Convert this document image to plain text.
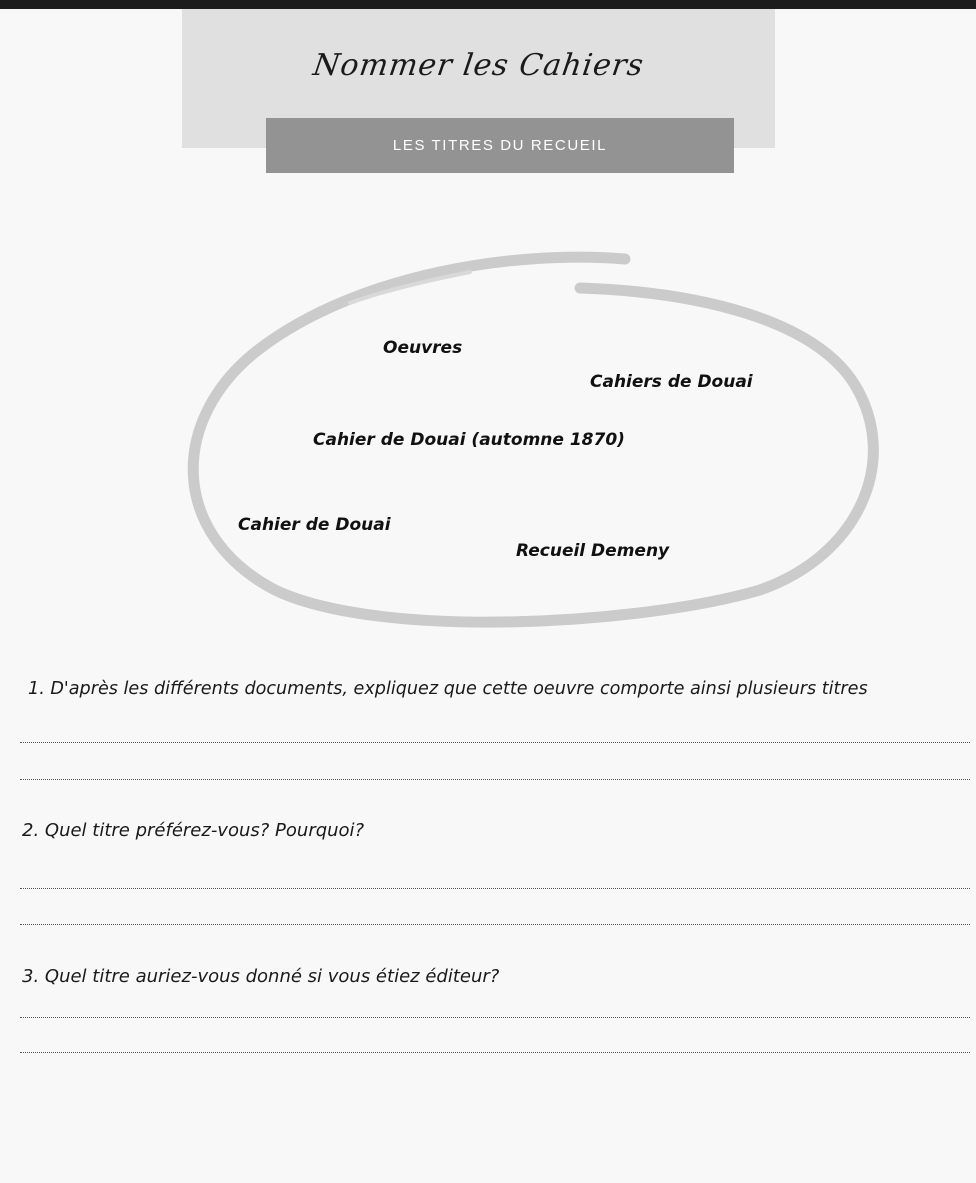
Nommer les Cahiers
LES TITRES DU RECUEIL
Oeuvres
Cahiers de Douai
Cahier de Douai (automne 1870)
Cahier de Douai
Recueil Demeny
1. D'après les différents documents, expliquez que cette oeuvre comporte ainsi plusieurs titres
2. Quel titre préférez-vous? Pourquoi?
3. Quel titre auriez-vous donné si vous étiez éditeur?
